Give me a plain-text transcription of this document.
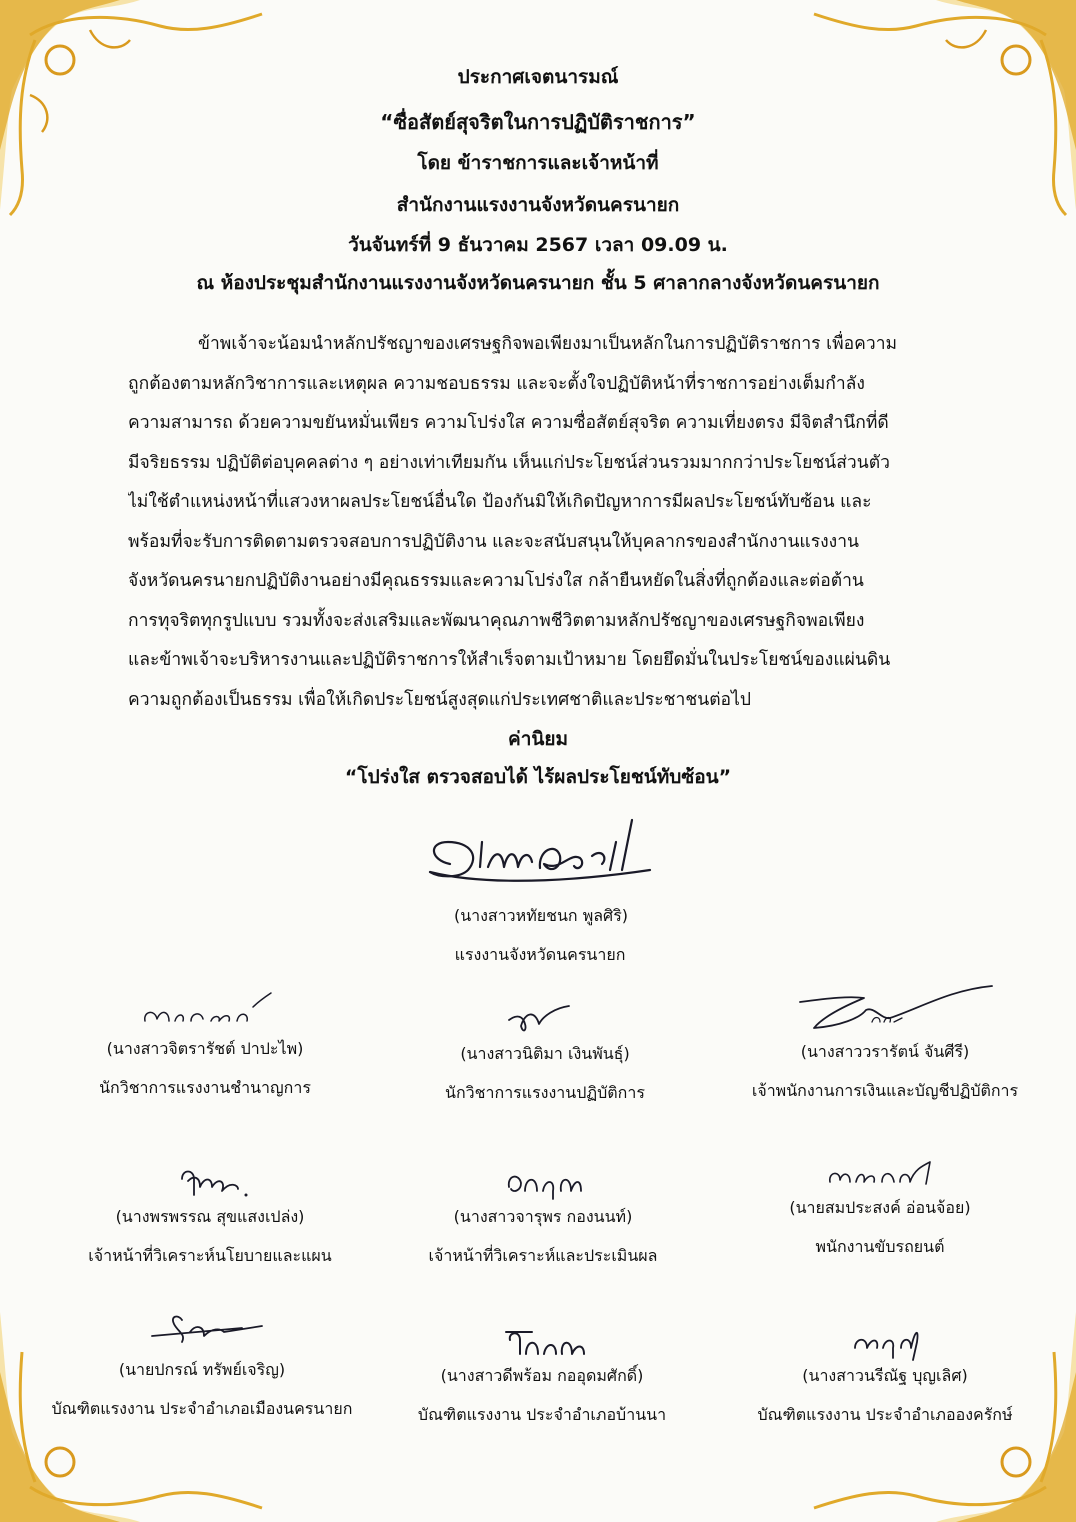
ประกาศเจตนารมณ์
“ซื่อสัตย์สุจริตในการปฏิบัติราชการ”
โดย ข้าราชการและเจ้าหน้าที่
สำนักงานแรงงานจังหวัดนครนายก
วันจันทร์ที่ 9 ธันวาคม 2567 เวลา 09.09 น.
ณ ห้องประชุมสำนักงานแรงงานจังหวัดนครนายก ชั้น 5 ศาลากลางจังหวัดนครนายก
ข้าพเจ้าจะน้อมนำหลักปรัชญาของเศรษฐกิจพอเพียงมาเป็นหลักในการปฏิบัติราชการ เพื่อความ
ถูกต้องตามหลักวิชาการและเหตุผล ความชอบธรรม และจะตั้งใจปฏิบัติหน้าที่ราชการอย่างเต็มกำลัง
ความสามารถ ด้วยความขยันหมั่นเพียร ความโปร่งใส ความซื่อสัตย์สุจริต ความเที่ยงตรง มีจิตสำนึกที่ดี
มีจริยธรรม ปฏิบัติต่อบุคคลต่าง ๆ อย่างเท่าเทียมกัน เห็นแก่ประโยชน์ส่วนรวมมากกว่าประโยชน์ส่วนตัว
ไม่ใช้ตำแหน่งหน้าที่แสวงหาผลประโยชน์อื่นใด ป้องกันมิให้เกิดปัญหาการมีผลประโยชน์ทับซ้อน และ
พร้อมที่จะรับการติดตามตรวจสอบการปฏิบัติงาน และจะสนับสนุนให้บุคลากรของสำนักงานแรงงาน
จังหวัดนครนายกปฏิบัติงานอย่างมีคุณธรรมและความโปร่งใส กล้ายืนหยัดในสิ่งที่ถูกต้องและต่อต้าน
การทุจริตทุกรูปแบบ รวมทั้งจะส่งเสริมและพัฒนาคุณภาพชีวิตตามหลักปรัชญาของเศรษฐกิจพอเพียง
และข้าพเจ้าจะบริหารงานและปฏิบัติราชการให้สำเร็จตามเป้าหมาย โดยยึดมั่นในประโยชน์ของแผ่นดิน
ความถูกต้องเป็นธรรม เพื่อให้เกิดประโยชน์สูงสุดแก่ประเทศชาติและประชาชนต่อไป
ค่านิยม
“โปร่งใส ตรวจสอบได้ ไร้ผลประโยชน์ทับซ้อน”
(นางสาวหทัยชนก พูลศิริ)
แรงงานจังหวัดนครนายก
(นางสาวจิตรารัชต์ ปาปะไพ)
นักวิชาการแรงงานชำนาญการ
(นางสาวนิติมา เงินพันธุ์)
นักวิชาการแรงงานปฏิบัติการ
(นางสาววรารัตน์ จันศีรี)
เจ้าพนักงานการเงินและบัญชีปฏิบัติการ
(นางพรพรรณ สุขแสงเปล่ง)
เจ้าหน้าที่วิเคราะห์นโยบายและแผน
(นางสาวจารุพร กองนนท์)
เจ้าหน้าที่วิเคราะห์และประเมินผล
(นายสมประสงค์ อ่อนจ้อย)
พนักงานขับรถยนต์
(นายปกรณ์ ทรัพย์เจริญ)
บัณฑิตแรงงาน ประจำอำเภอเมืองนครนายก
(นางสาวดีพร้อม กออุดมศักดิ์)
บัณฑิตแรงงาน ประจำอำเภอบ้านนา
(นางสาวนรีณัฐ บุญเลิศ)
บัณฑิตแรงงาน ประจำอำเภอองครักษ์
